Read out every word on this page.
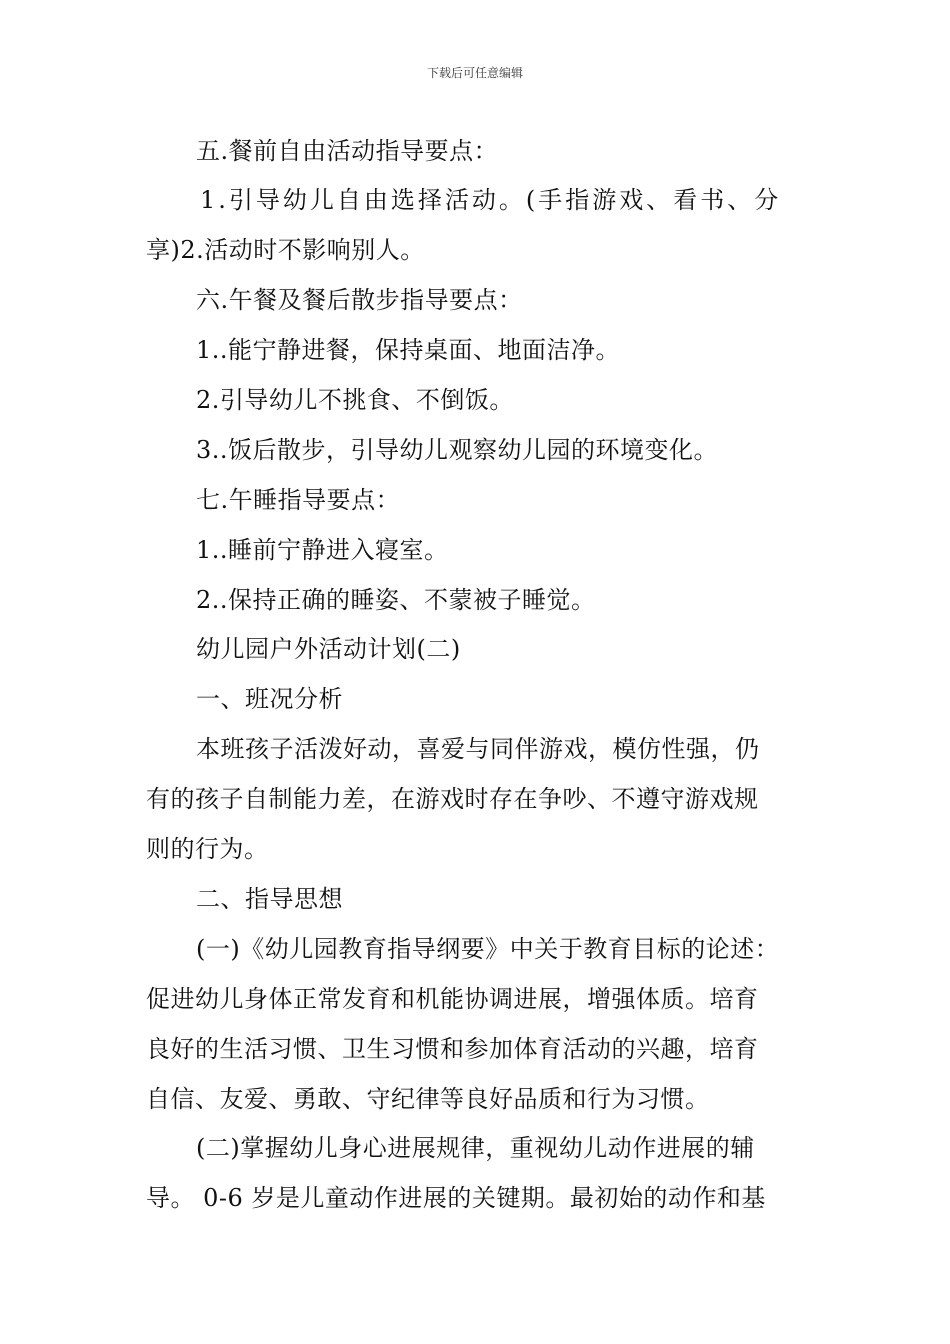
下载后可任意编辑
五.餐前自由活动指导要点：
1.引导幼儿自由选择活动。(手指游戏、看书、分
享)2.活动时不影响别人。
六.午餐及餐后散步指导要点：
1..能宁静进餐，保持桌面、地面洁净。
2.引导幼儿不挑食、不倒饭。
3..饭后散步，引导幼儿观察幼儿园的环境变化。
七.午睡指导要点：
1..睡前宁静进入寝室。
2..保持正确的睡姿、不蒙被子睡觉。
幼儿园户外活动计划(二)
一、班况分析
本班孩子活泼好动，喜爱与同伴游戏，模仿性强，仍
有的孩子自制能力差，在游戏时存在争吵、不遵守游戏规
则的行为。
二、指导思想
(一)《幼儿园教育指导纲要》中关于教育目标的论述：
促进幼儿身体正常发育和机能协调进展，增强体质。培育
良好的生活习惯、卫生习惯和参加体育活动的兴趣，培育
自信、友爱、勇敢、守纪律等良好品质和行为习惯。
(二)掌握幼儿身心进展规律，重视幼儿动作进展的辅
导。 0-6 岁是儿童动作进展的关键期。最初始的动作和基
